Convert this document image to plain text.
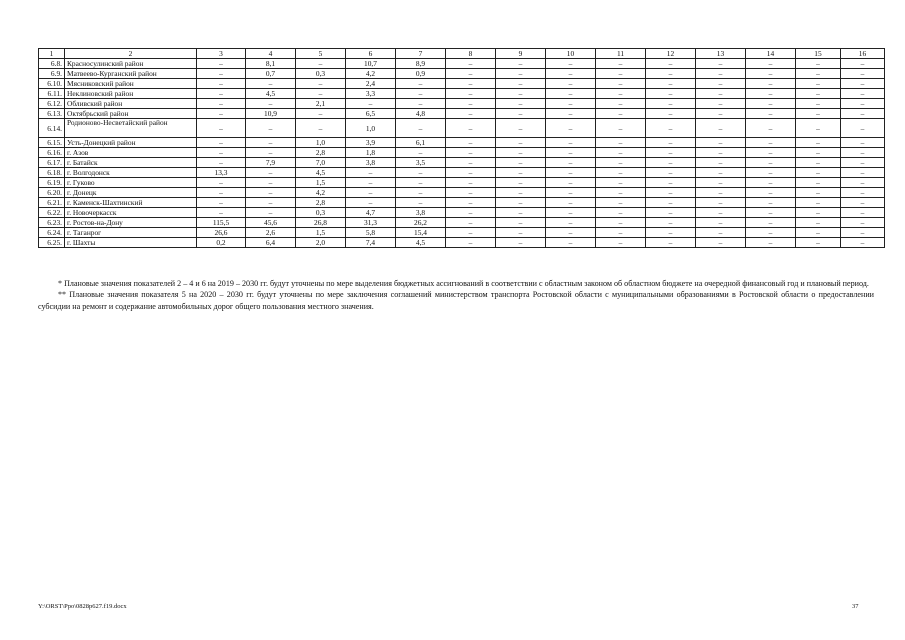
1	2	3	4	5	6	7	8	9	10	11	12	13	14	15	16
6.8.	Красносулинский район	–	8,1	–	10,7	8,9	–	–	–	–	–	–	–	–	–
6.9.	Матвеево-Курганский район	–	0,7	0,3	4,2	0,9	–	–	–	–	–	–	–	–	–
6.10.	Мясниковский район	–	–	–	2,4	–	–	–	–	–	–	–	–	–	–
6.11.	Неклиновский район	–	4,5	–	3,3	–	–	–	–	–	–	–	–	–	–
6.12.	Обливский район	–	–	2,1	–	–	–	–	–	–	–	–	–	–	–
6.13.	Октябрьский район	–	10,9	–	6,5	4,8	–	–	–	–	–	–	–	–	–
6.14.	Родионово-Несветайский район	–	–	–	1,0	–	–	–	–	–	–	–	–	–	–
6.15.	Усть-Донецкий район	–	–	1,0	3,9	6,1	–	–	–	–	–	–	–	–	–
6.16.	г. Азов	–	–	2,8	1,8	–	–	–	–	–	–	–	–	–	–
6.17.	г. Батайск	–	7,9	7,0	3,8	3,5	–	–	–	–	–	–	–	–	–
6.18.	г. Волгодонск	13,3	–	4,5	–	–	–	–	–	–	–	–	–	–	–
6.19.	г. Гуково	–	–	1,5	–	–	–	–	–	–	–	–	–	–	–
6.20.	г. Донецк	–	–	4,2	–	–	–	–	–	–	–	–	–	–	–
6.21.	г. Каменск-Шахтинский	–	–	2,8	–	–	–	–	–	–	–	–	–	–	–
6.22.	г. Новочеркасск	–	–	0,3	4,7	3,8	–	–	–	–	–	–	–	–	–
6.23.	г. Ростов-на-Дону	115,5	45,6	26,8	31,3	26,2	–	–	–	–	–	–	–	–	–
6.24.	г. Таганрог	26,6	2,6	1,5	5,8	15,4	–	–	–	–	–	–	–	–	–
6.25.	г. Шахты	0,2	6,4	2,0	7,4	4,5	–	–	–	–	–	–	–	–	–

* Плановые значения показателей 2 – 4 и 6 на 2019 – 2030 гг. будут уточнены по мере выделения бюджетных ассигнований в соответствии с областным законом об областном бюджете на очередной финансовый год и плановый период.

** Плановые значения показателя 5 на 2020 – 2030 гг. будут уточнены по мере заключения соглашений министерством транспорта Ростовской области с муниципальными образованиями в Ростовской области о предоставлении субсидии на ремонт и содержание автомобильных дорог общего пользования местного значения.

Y:\ORST\Ppo\0828p627.f19.docx	37
